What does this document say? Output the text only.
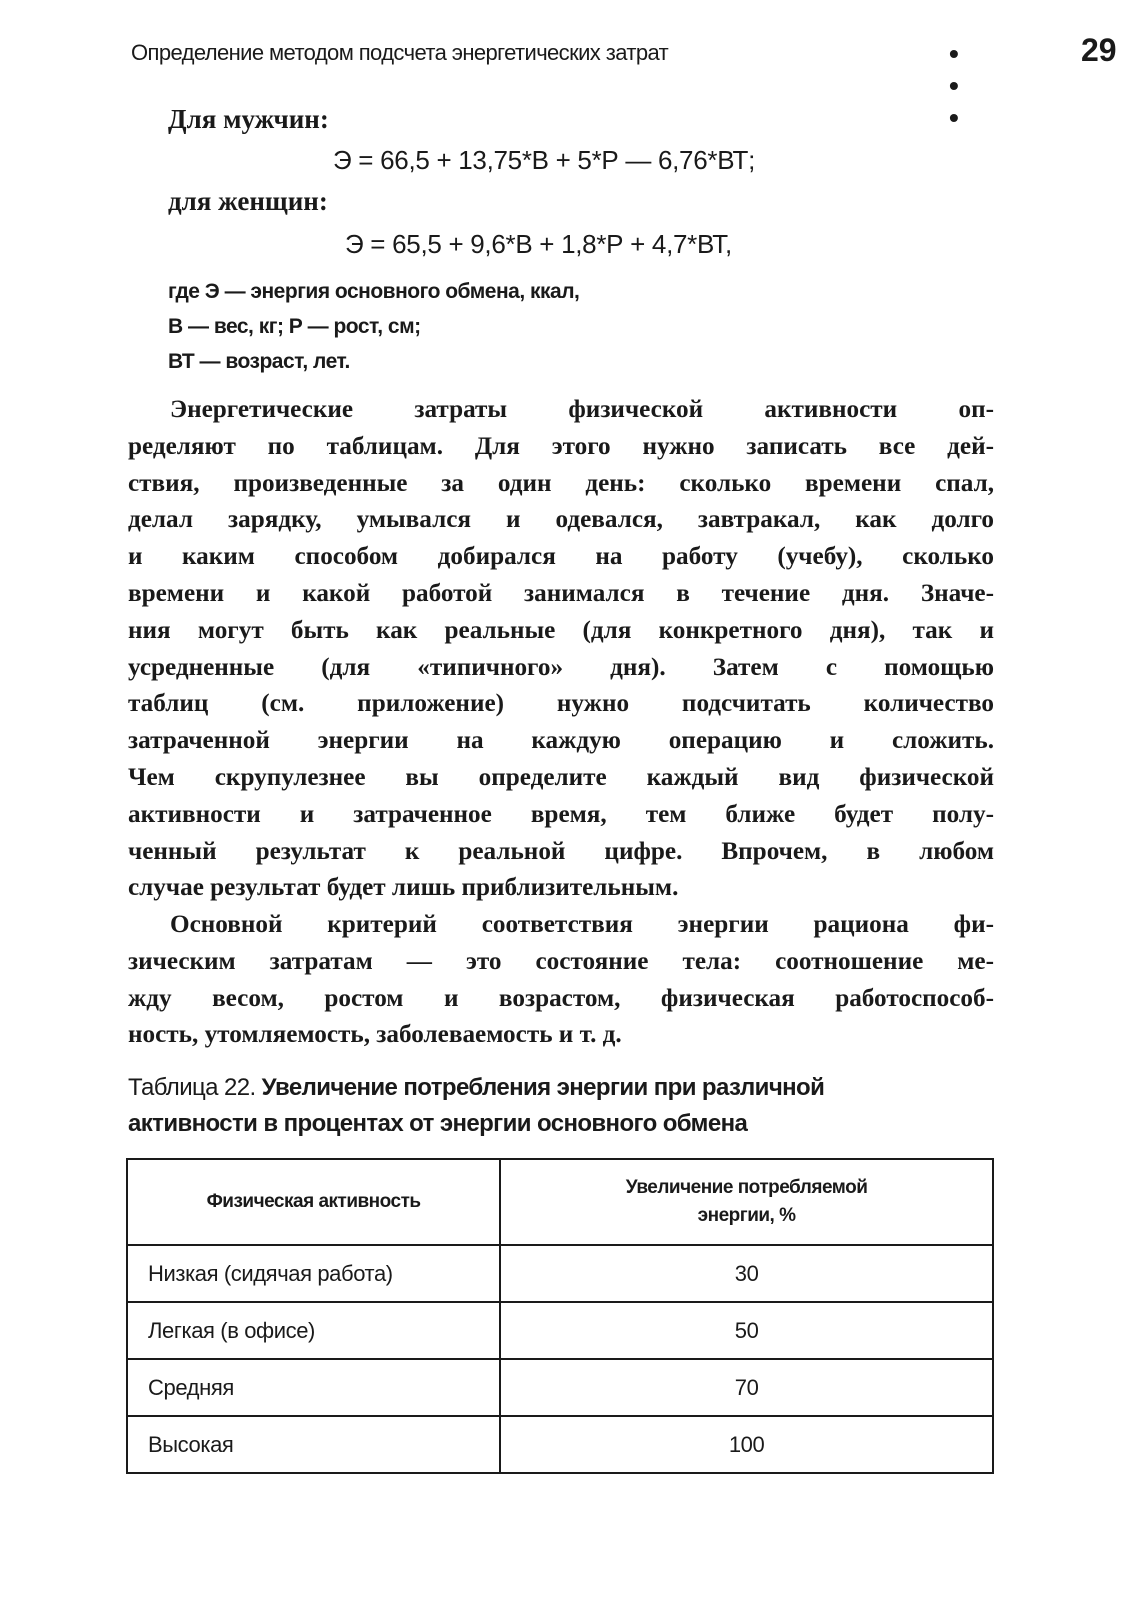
Определение методом подсчета энергетических затрат	• • •
29
Для мужчин:
Э = 66,5 + 13,75*В + 5*Р — 6,76*ВТ;
для женщин:
Э = 65,5 + 9,6*В + 1,8*Р + 4,7*ВТ,
где Э — энергия основного обмена, ккал,
В — вес, кг; Р — рост, см;
ВТ — возраст, лет.
Энергетические затраты физической активности оп-
ределяют по таблицам. Для этого нужно записать все дей-
ствия, произведенные за один день: сколько времени спал,
делал зарядку, умывался и одевался, завтракал, как долго
и каким способом добирался на работу (учебу), сколько
времени и какой работой занимался в течение дня. Значе-
ния могут быть как реальные (для конкретного дня), так и
усредненные (для «типичного» дня). Затем с помощью
таблиц (см. приложение) нужно подсчитать количество
затраченной энергии на каждую операцию и сложить.
Чем скрупулезнее вы определите каждый вид физической
активности и затраченное время, тем ближе будет полу-
ченный результат к реальной цифре. Впрочем, в любом
случае результат будет лишь приблизительным.
Основной критерий соответствия энергии рациона фи-
зическим затратам — это состояние тела: соотношение ме-
жду весом, ростом и возрастом, физическая работоспособ-
ность, утомляемость, заболеваемость и т. д.
Таблица 22. Увеличение потребления энергии при различной
активности в процентах от энергии основного обмена
Физическая активность	Увеличение потребляемой
энергии, %
Низкая (сидячая работа)	30
Легкая (в офисе)	50
Средняя	70
Высокая	100
